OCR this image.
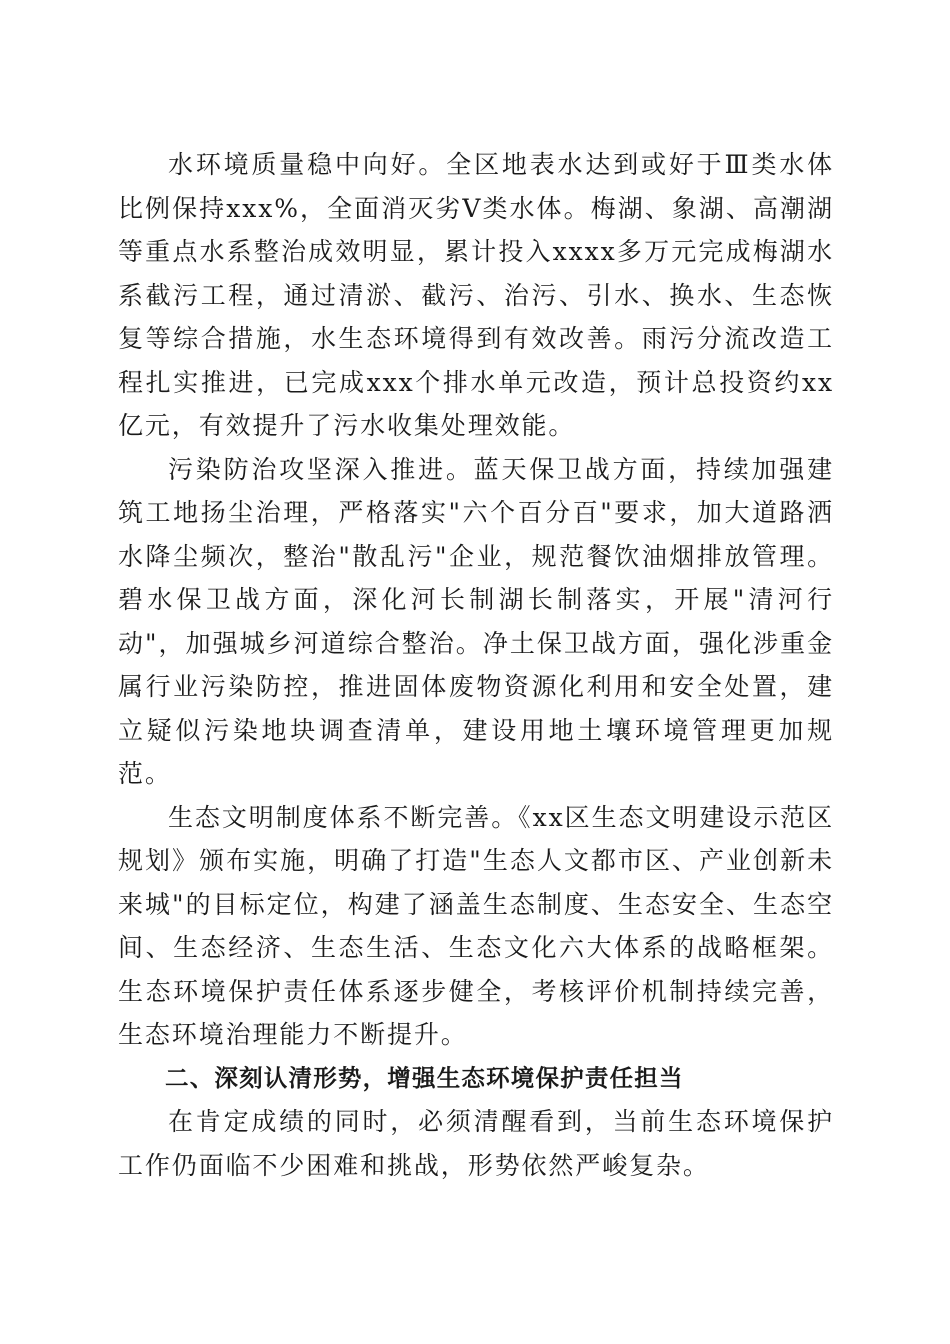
水环境质量稳中向好。全区地表水达到或好于Ⅲ类水体比例保持xxx%，全面消灭劣Ⅴ类水体。梅湖、象湖、高潮湖等重点水系整治成效明显，累计投入xxxx多万元完成梅湖水系截污工程，通过清淤、截污、治污、引水、换水、生态恢复等综合措施，水生态环境得到有效改善。雨污分流改造工程扎实推进，已完成xxx个排水单元改造，预计总投资约xx亿元，有效提升了污水收集处理效能。

污染防治攻坚深入推进。蓝天保卫战方面，持续加强建筑工地扬尘治理，严格落实"六个百分百"要求，加大道路洒水降尘频次，整治"散乱污"企业，规范餐饮油烟排放管理。碧水保卫战方面，深化河长制湖长制落实，开展"清河行动"，加强城乡河道综合整治。净土保卫战方面，强化涉重金属行业污染防控，推进固体废物资源化利用和安全处置，建立疑似污染地块调查清单，建设用地土壤环境管理更加规范。

生态文明制度体系不断完善。《xx区生态文明建设示范区规划》颁布实施，明确了打造"生态人文都市区、产业创新未来城"的目标定位，构建了涵盖生态制度、生态安全、生态空间、生态经济、生态生活、生态文化六大体系的战略框架。生态环境保护责任体系逐步健全，考核评价机制持续完善，生态环境治理能力不断提升。

二、深刻认清形势，增强生态环境保护责任担当

在肯定成绩的同时，必须清醒看到，当前生态环境保护工作仍面临不少困难和挑战，形势依然严峻复杂。
